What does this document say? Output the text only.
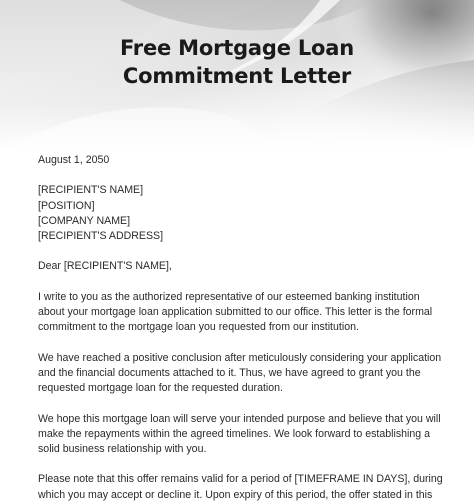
Free Mortgage Loan
Commitment Letter
August 1, 2050
[RECIPIENT'S NAME]
[POSITION]
[COMPANY NAME]
[RECIPIENT'S ADDRESS]
Dear [RECIPIENT'S NAME],
I write to you as the authorized representative of our esteemed banking institution
about your mortgage loan application submitted to our office. This letter is the formal
commitment to the mortgage loan you requested from our institution.
We have reached a positive conclusion after meticulously considering your application
and the financial documents attached to it. Thus, we have agreed to grant you the
requested mortgage loan for the requested duration.
We hope this mortgage loan will serve your intended purpose and believe that you will
make the repayments within the agreed timelines. We look forward to establishing a
solid business relationship with you.
Please note that this offer remains valid for a period of [TIMEFRAME IN DAYS], during
which you may accept or decline it. Upon expiry of this period, the offer stated in this
